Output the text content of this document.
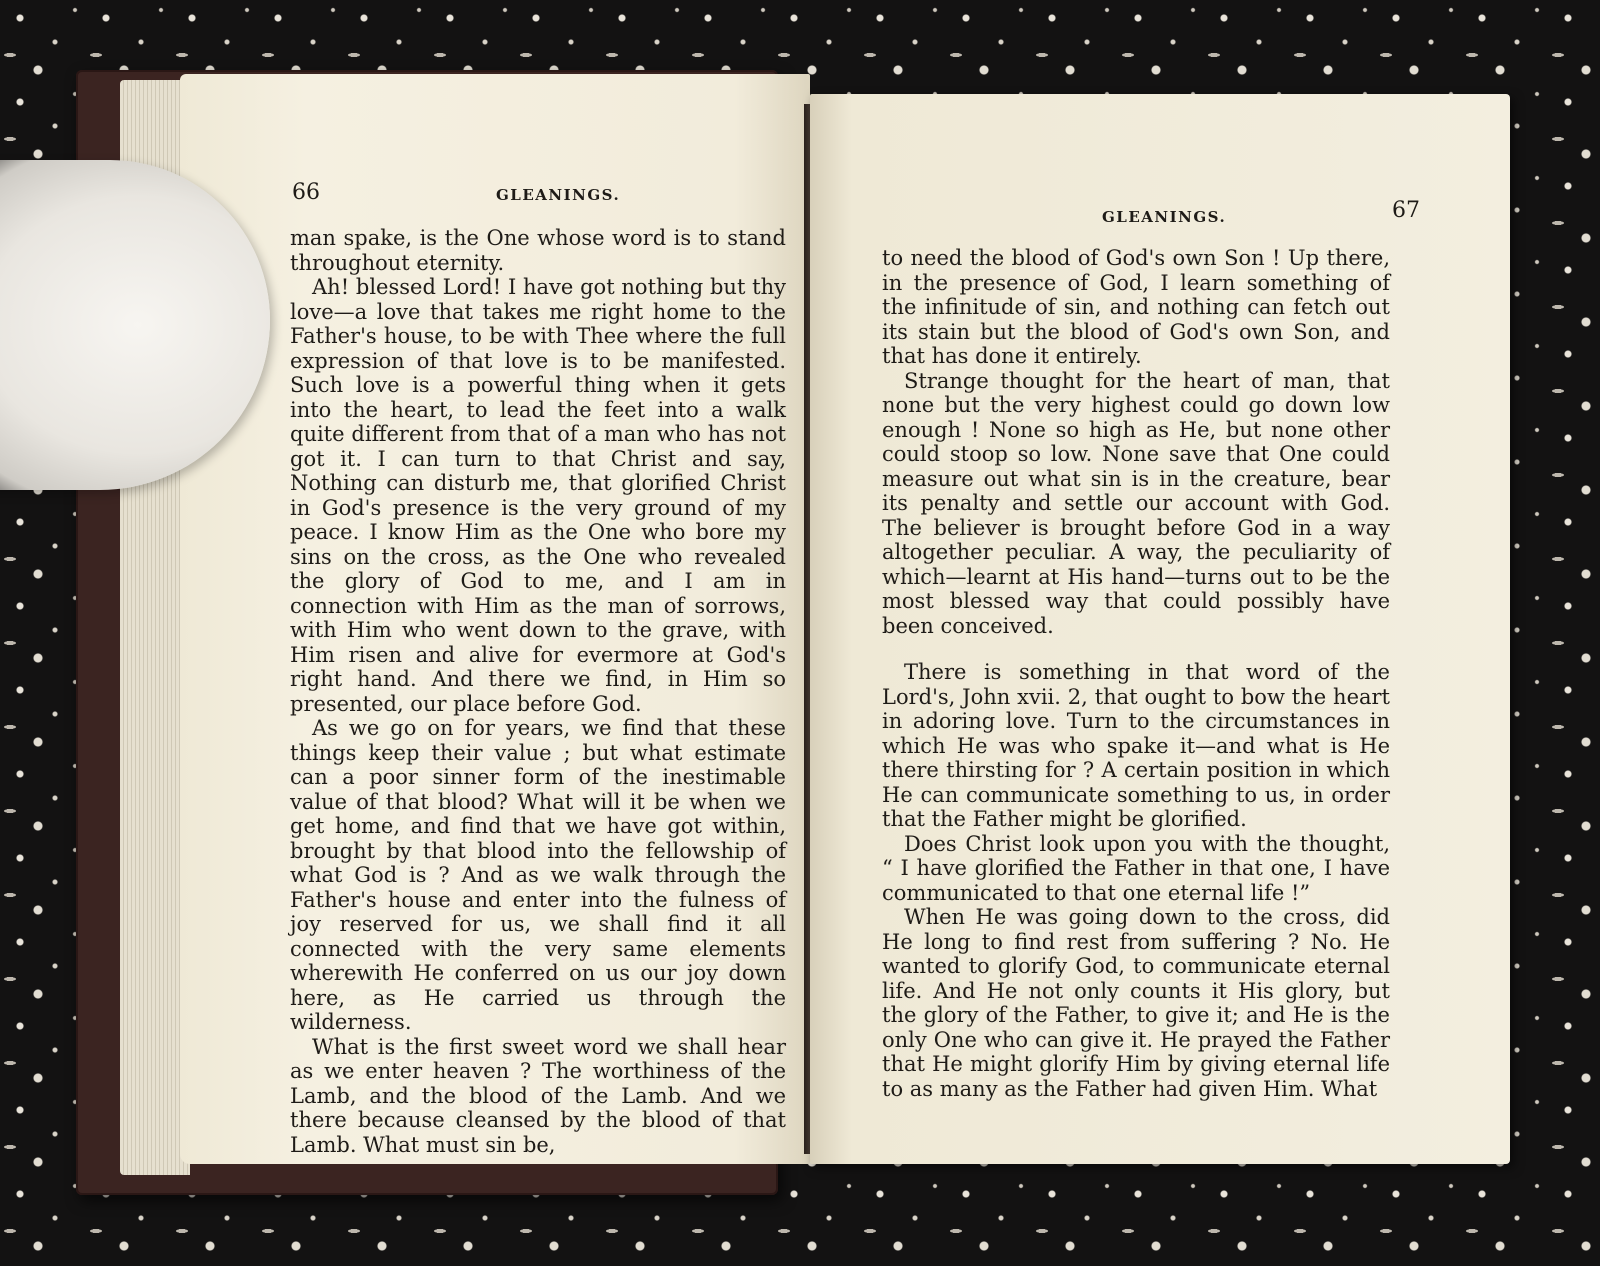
66	GLEANINGS.

man spake, is the One whose word is to stand throughout eternity.

Ah! blessed Lord! I have got nothing but thy love—a love that takes me right home to the Father's house, to be with Thee where the full expression of that love is to be manifested. Such love is a powerful thing when it gets into the heart, to lead the feet into a walk quite different from that of a man who has not got it. I can turn to that Christ and say, Nothing can disturb me, that glorified Christ in God's presence is the very ground of my peace. I know Him as the One who bore my sins on the cross, as the One who revealed the glory of God to me, and I am in connection with Him as the man of sorrows, with Him who went down to the grave, with Him risen and alive for evermore at God's right hand. And there we find, in Him so presented, our place before God.

As we go on for years, we find that these things keep their value ; but what estimate can a poor sinner form of the inestimable value of that blood? What will it be when we get home, and find that we have got within, brought by that blood into the fellowship of what God is ? And as we walk through the Father's house and enter into the fulness of joy reserved for us, we shall find it all connected with the very same elements wherewith He conferred on us our joy down here, as He carried us through the wilderness.

What is the first sweet word we shall hear as we enter heaven ? The worthiness of the Lamb, and the blood of the Lamb. And we there because cleansed by the blood of that Lamb. What must sin be,

GLEANINGS.	67

to need the blood of God's own Son ! Up there, in the presence of God, I learn something of the infinitude of sin, and nothing can fetch out its stain but the blood of God's own Son, and that has done it entirely.

Strange thought for the heart of man, that none but the very highest could go down low enough ! None so high as He, but none other could stoop so low. None save that One could measure out what sin is in the creature, bear its penalty and settle our account with God. The believer is brought before God in a way altogether peculiar. A way, the peculiarity of which—learnt at His hand—turns out to be the most blessed way that could possibly have been conceived.

There is something in that word of the Lord's, John xvii. 2, that ought to bow the heart in adoring love. Turn to the circumstances in which He was who spake it—and what is He there thirsting for ? A certain position in which He can communicate something to us, in order that the Father might be glorified.

Does Christ look upon you with the thought, “ I have glorified the Father in that one, I have communicated to that one eternal life !”

When He was going down to the cross, did He long to find rest from suffering ? No. He wanted to glorify God, to communicate eternal life. And He not only counts it His glory, but the glory of the Father, to give it; and He is the only One who can give it. He prayed the Father that He might glorify Him by giving eternal life to as many as the Father had given Him. What
